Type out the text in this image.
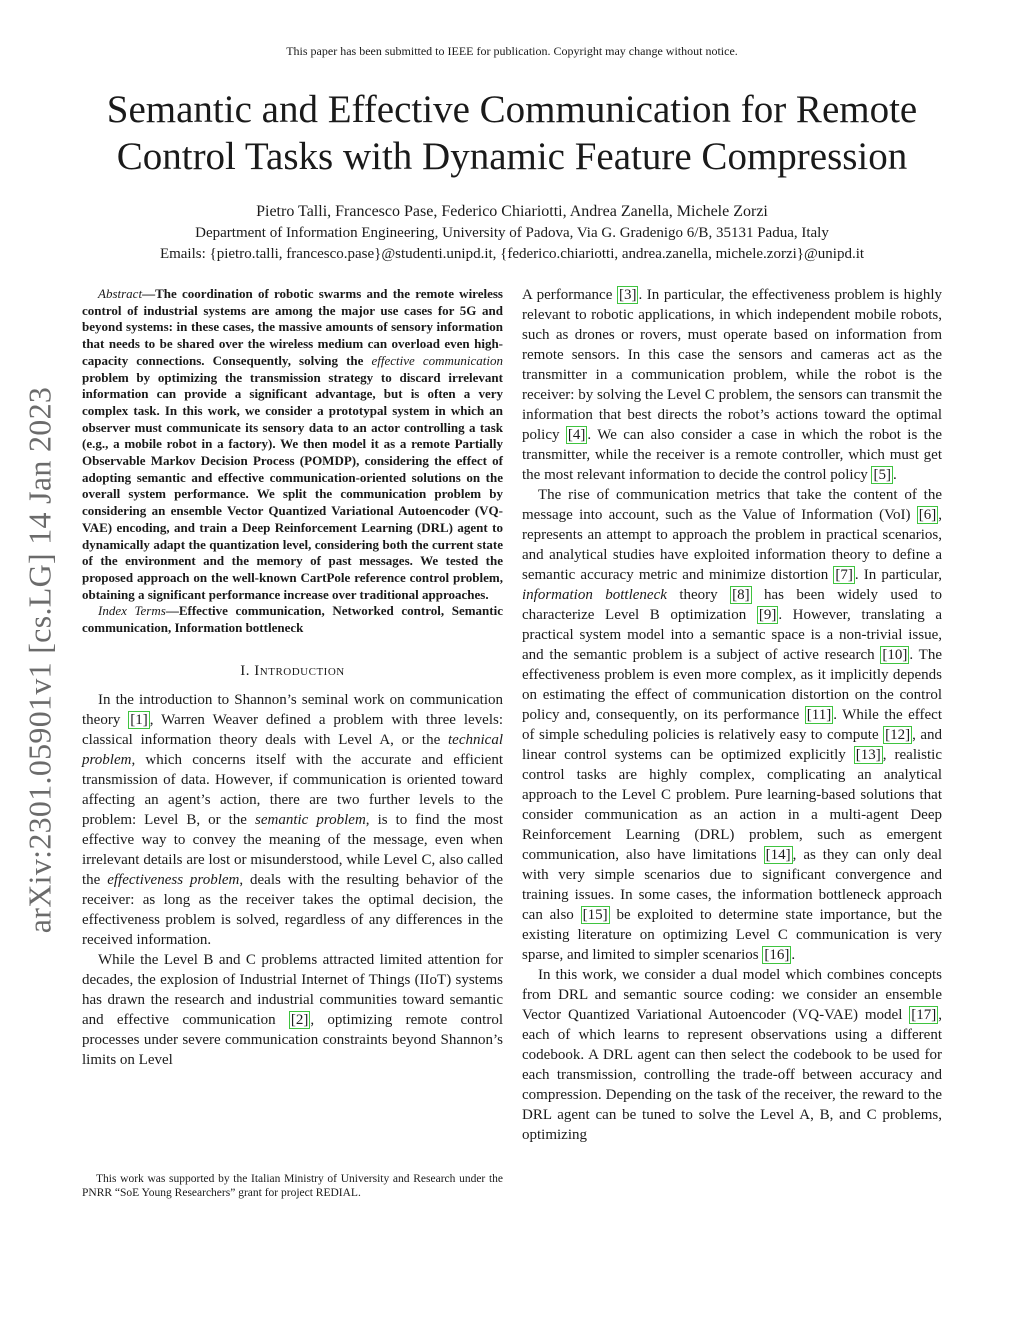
This paper has been submitted to IEEE for publication. Copyright may change without notice.
Semantic and Effective Communication for Remote
Control Tasks with Dynamic Feature Compression
Pietro Talli, Francesco Pase, Federico Chiariotti, Andrea Zanella, Michele Zorzi
Department of Information Engineering, University of Padova, Via G. Gradenigo 6/B, 35131 Padua, Italy
Emails: {pietro.talli, francesco.pase}@studenti.unipd.it, {federico.chiariotti, andrea.zanella, michele.zorzi}@unipd.it
arXiv:2301.05901v1 [cs.LG] 14 Jan 2023

Abstract—The coordination of robotic swarms and the remote wireless control of industrial systems are among the major use cases for 5G and beyond systems: in these cases, the massive amounts of sensory information that needs to be shared over the wireless medium can overload even high-capacity connections. Consequently, solving the effective communication problem by optimizing the transmission strategy to discard irrelevant information can provide a significant advantage, but is often a very complex task. In this work, we consider a prototypal system in which an observer must communicate its sensory data to an actor controlling a task (e.g., a mobile robot in a factory). We then model it as a remote Partially Observable Markov Decision Process (POMDP), considering the effect of adopting semantic and effective communication-oriented solutions on the overall system performance. We split the communication problem by considering an ensemble Vector Quantized Variational Autoencoder (VQ-VAE) encoding, and train a Deep Reinforcement Learning (DRL) agent to dynamically adapt the quantization level, considering both the current state of the environment and the memory of past messages. We tested the proposed approach on the well-known CartPole reference control problem, obtaining a significant performance increase over traditional approaches.

Index Terms—Effective communication, Networked control, Semantic communication, Information bottleneck

I. Introduction

In the introduction to Shannon’s seminal work on communication theory [1] , Warren Weaver defined a problem with three levels: classical information theory deals with Level A, or the technical problem, which concerns itself with the accurate and efficient transmission of data. However, if communication is oriented toward affecting an agent’s action, there are two further levels to the problem: Level B, or the semantic problem, is to find the most effective way to convey the meaning of the message, even when irrelevant details are lost or misunderstood, while Level C, also called the effectiveness problem, deals with the resulting behavior of the receiver: as long as the receiver takes the optimal decision, the effectiveness problem is solved, regardless of any differences in the received information.

While the Level B and C problems attracted limited attention for decades, the explosion of Industrial Internet of Things (IIoT) systems has drawn the research and industrial communities toward semantic and effective communication [2] , optimizing remote control processes under severe communication constraints beyond Shannon’s limits on Level

This work was supported by the Italian Ministry of University and Research under the PNRR “SoE Young Researchers” grant for project REDIAL.

A performance [3] . In particular, the effectiveness problem is highly relevant to robotic applications, in which independent mobile robots, such as drones or rovers, must operate based on information from remote sensors. In this case the sensors and cameras act as the transmitter in a communication problem, while the robot is the receiver: by solving the Level C problem, the sensors can transmit the information that best directs the robot’s actions toward the optimal policy [4] . We can also consider a case in which the robot is the transmitter, while the receiver is a remote controller, which must get the most relevant information to decide the control policy [5] .

The rise of communication metrics that take the content of the message into account, such as the Value of Information (VoI) [6] , represents an attempt to approach the problem in practical scenarios, and analytical studies have exploited information theory to define a semantic accuracy metric and minimize distortion [7] . In particular, information bottleneck theory [8] has been widely used to characterize Level B optimization [9] . However, translating a practical system model into a semantic space is a non-trivial issue, and the semantic problem is a subject of active research [10] . The effectiveness problem is even more complex, as it implicitly depends on estimating the effect of communication distortion on the control policy and, consequently, on its performance [11] . While the effect of simple scheduling policies is relatively easy to compute [12] , and linear control systems can be optimized explicitly [13] , realistic control tasks are highly complex, complicating an analytical approach to the Level C problem. Pure learning-based solutions that consider communication as an action in a multi-agent Deep Reinforcement Learning (DRL) problem, such as emergent communication, also have limitations [14] , as they can only deal with very simple scenarios due to significant convergence and training issues. In some cases, the information bottleneck approach can also [15] be exploited to determine state importance, but the existing literature on optimizing Level C communication is very sparse, and limited to simpler scenarios [16] .

In this work, we consider a dual model which combines concepts from DRL and semantic source coding: we consider an ensemble Vector Quantized Variational Autoencoder (VQ-VAE) model [17] , each of which learns to represent observations using a different codebook. A DRL agent can then select the codebook to be used for each transmission, controlling the trade-off between accuracy and compression. Depending on the task of the receiver, the reward to the DRL agent can be tuned to solve the Level A, B, and C problems, optimizing
